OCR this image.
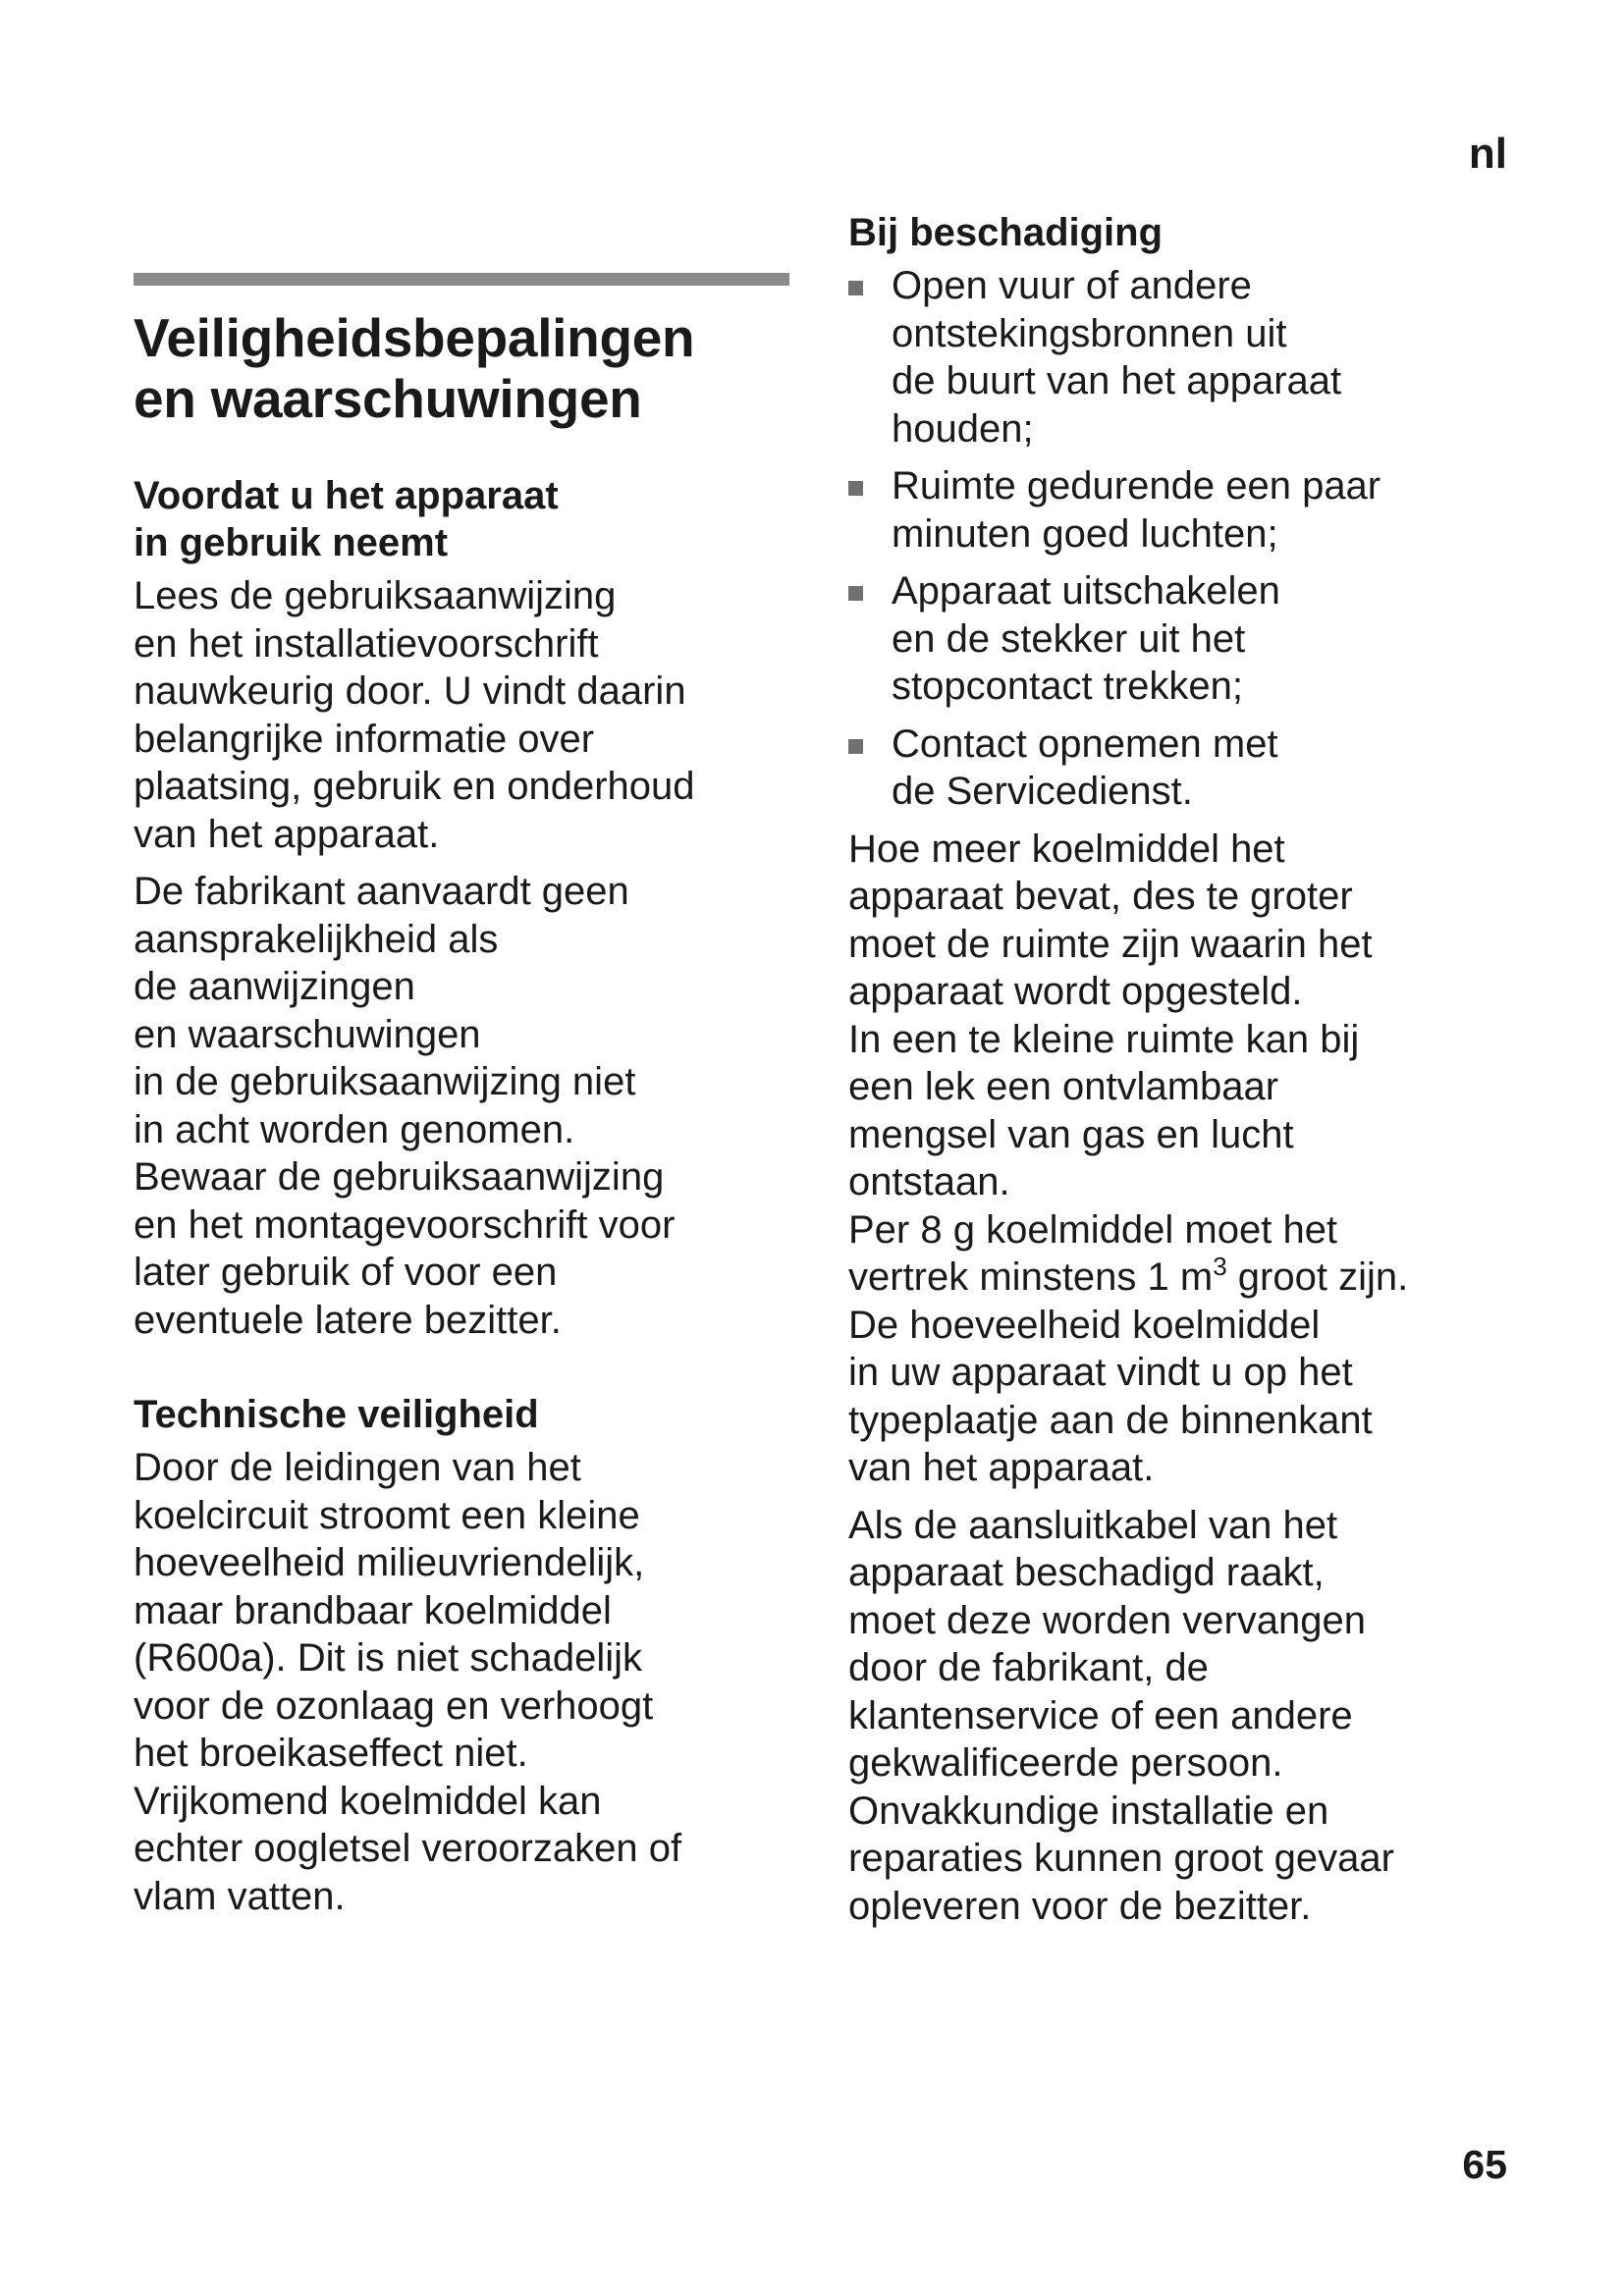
nl
Veiligheidsbepalingen
en waarschuwingen
Voordat u het apparaat
in gebruik neemt

Lees de gebruiksaanwijzing
en het installatievoorschrift
nauwkeurig door. U vindt daarin
belangrijke informatie over
plaatsing, gebruik en onderhoud
van het apparaat.

De fabrikant aanvaardt geen
aansprakelijkheid als
de aanwijzingen
en waarschuwingen
in de gebruiksaanwijzing niet
in acht worden genomen.
Bewaar de gebruiksaanwijzing
en het montagevoorschrift voor
later gebruik of voor een
eventuele latere bezitter.

Technische veiligheid

Door de leidingen van het
koelcircuit stroomt een kleine
hoeveelheid milieuvriendelijk,
maar brandbaar koelmiddel
(R600a). Dit is niet schadelijk
voor de ozonlaag en verhoogt
het broeikaseffect niet.
Vrijkomend koelmiddel kan
echter oogletsel veroorzaken of
vlam vatten.

Bij beschadiging
Open vuur of andere
ontstekingsbronnen uit
de buurt van het apparaat
houden;
Ruimte gedurende een paar
minuten goed luchten;
Apparaat uitschakelen
en de stekker uit het
stopcontact trekken;
Contact opnemen met
de Servicedienst.

Hoe meer koelmiddel het
apparaat bevat, des te groter
moet de ruimte zijn waarin het
apparaat wordt opgesteld.
In een te kleine ruimte kan bij
een lek een ontvlambaar
mengsel van gas en lucht
ontstaan.
Per 8 g koelmiddel moet het

vertrek minstens 1 $m^3$ groot zijn.

De hoeveelheid koelmiddel
in uw apparaat vindt u op het
typeplaatje aan de binnenkant
van het apparaat.

Als de aansluitkabel van het
apparaat beschadigd raakt,
moet deze worden vervangen
door de fabrikant, de
klantenservice of een andere
gekwalificeerde persoon.
Onvakkundige installatie en
reparaties kunnen groot gevaar
opleveren voor de bezitter.

65
